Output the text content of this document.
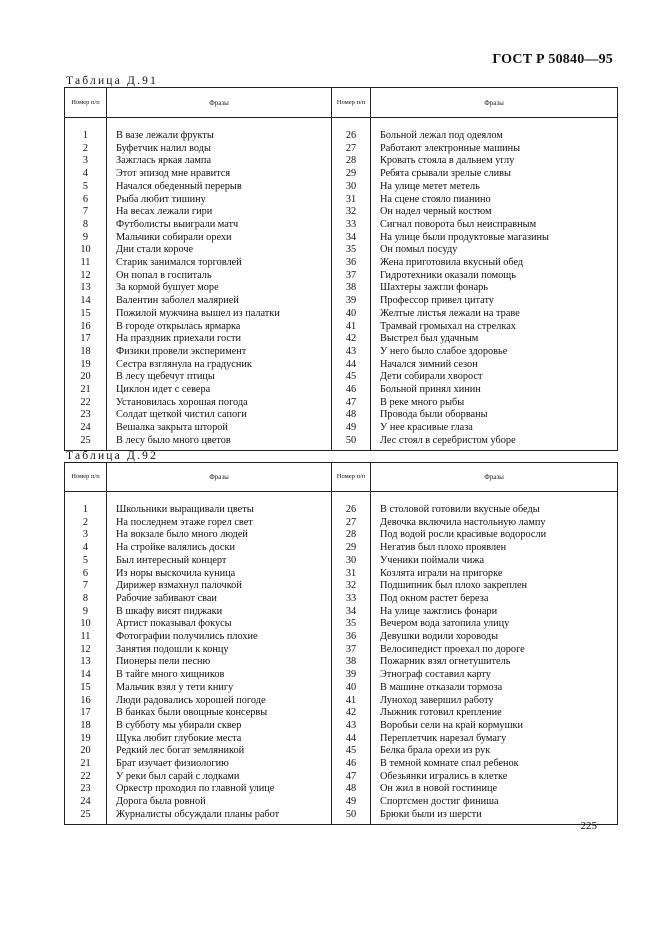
ГОСТ Р 50840—95
Таблица Д.91
Номер п/п	Фразы	Номер п/п	Фразы

1	В вазе лежали фрукты	26	Больной лежал под одеялом
2	Буфетчик налил воды	27	Работают электронные машины
3	Зажглась яркая лампа	28	Кровать стояла в дальнем углу
4	Этот эпизод мне нравится	29	Ребята срывали зрелые сливы
5	Начался обеденный перерыв	30	На улице метет метель
6	Рыба любит тишину	31	На сцене стояло пианино
7	На весах лежали гири	32	Он надел черный костюм
8	Футболисты выиграли матч	33	Сигнал поворота был неисправным
9	Мальчики собирали орехи	34	На улице были продуктовые магазины
10	Дни стали короче	35	Он помыл посуду
11	Старик занимался торговлей	36	Жена приготовила вкусный обед
12	Он попал в госпиталь	37	Гидротехники оказали помощь
13	За кормой бушует море	38	Шахтеры зажгли фонарь
14	Валентин заболел малярией	39	Профессор привел цитату
15	Пожилой мужчина вышел из палатки	40	Желтые листья лежали на траве
16	В городе открылась ярмарка	41	Трамвай громыхал на стрелках
17	На праздник приехали гости	42	Выстрел был удачным
18	Физики провели эксперимент	43	У него было слабое здоровье
19	Сестра взглянула на градусник	44	Начался зимний сезон
20	В лесу щебечут птицы	45	Дети собирали хворост
21	Циклон идет с севера	46	Больной принял хинин
22	Установилась хорошая погода	47	В реке много рыбы
23	Солдат щеткой чистил сапоги	48	Провода были оборваны
24	Вешалка закрыта шторой	49	У нее красивые глаза
25	В лесу было много цветов	50	Лес стоял в серебристом уборе
Таблица Д.92
Номер п/п	Фразы	Номер п/п	Фразы

1	Школьники выращивали цветы	26	В столовой готовили вкусные обеды
2	На последнем этаже горел свет	27	Девочка включила настольную лампу
3	На вокзале было много людей	28	Под водой росли красивые водоросли
4	На стройке валялись доски	29	Негатив был плохо проявлен
5	Был интересный концерт	30	Ученики поймали чижа
6	Из норы выскочила куница	31	Козлята играли на пригорке
7	Дирижер взмахнул палочкой	32	Подшипник был плохо закреплен
8	Рабочие забивают сваи	33	Под окном растет береза
9	В шкафу висят пиджаки	34	На улице зажглись фонари
10	Артист показывал фокусы	35	Вечером вода затопила улицу
11	Фотографии получились плохие	36	Девушки водили хороводы
12	Занятия подошли к концу	37	Велосипедист проехал по дороге
13	Пионеры пели песню	38	Пожарник взял огнетушитель
14	В тайге много хищников	39	Этнограф составил карту
15	Мальчик взял у тети книгу	40	В машине отказали тормоза
16	Люди радовались хорошей погоде	41	Луноход завершил работу
17	В банках были овощные консервы	42	Лыжник готовил крепление
18	В субботу мы убирали сквер	43	Воробьи сели на край кормушки
19	Щука любит глубокие места	44	Переплетчик нарезал бумагу
20	Редкий лес богат земляникой	45	Белка брала орехи из рук
21	Брат изучает физиологию	46	В темной комнате спал ребенок
22	У реки был сарай с лодками	47	Обезьянки игрались в клетке
23	Оркестр проходил по главной улице	48	Он жил в новой гостинице
24	Дорога была ровной	49	Спортсмен достиг финиша
25	Журналисты обсуждали планы работ	50	Брюки были из шерсти
225
